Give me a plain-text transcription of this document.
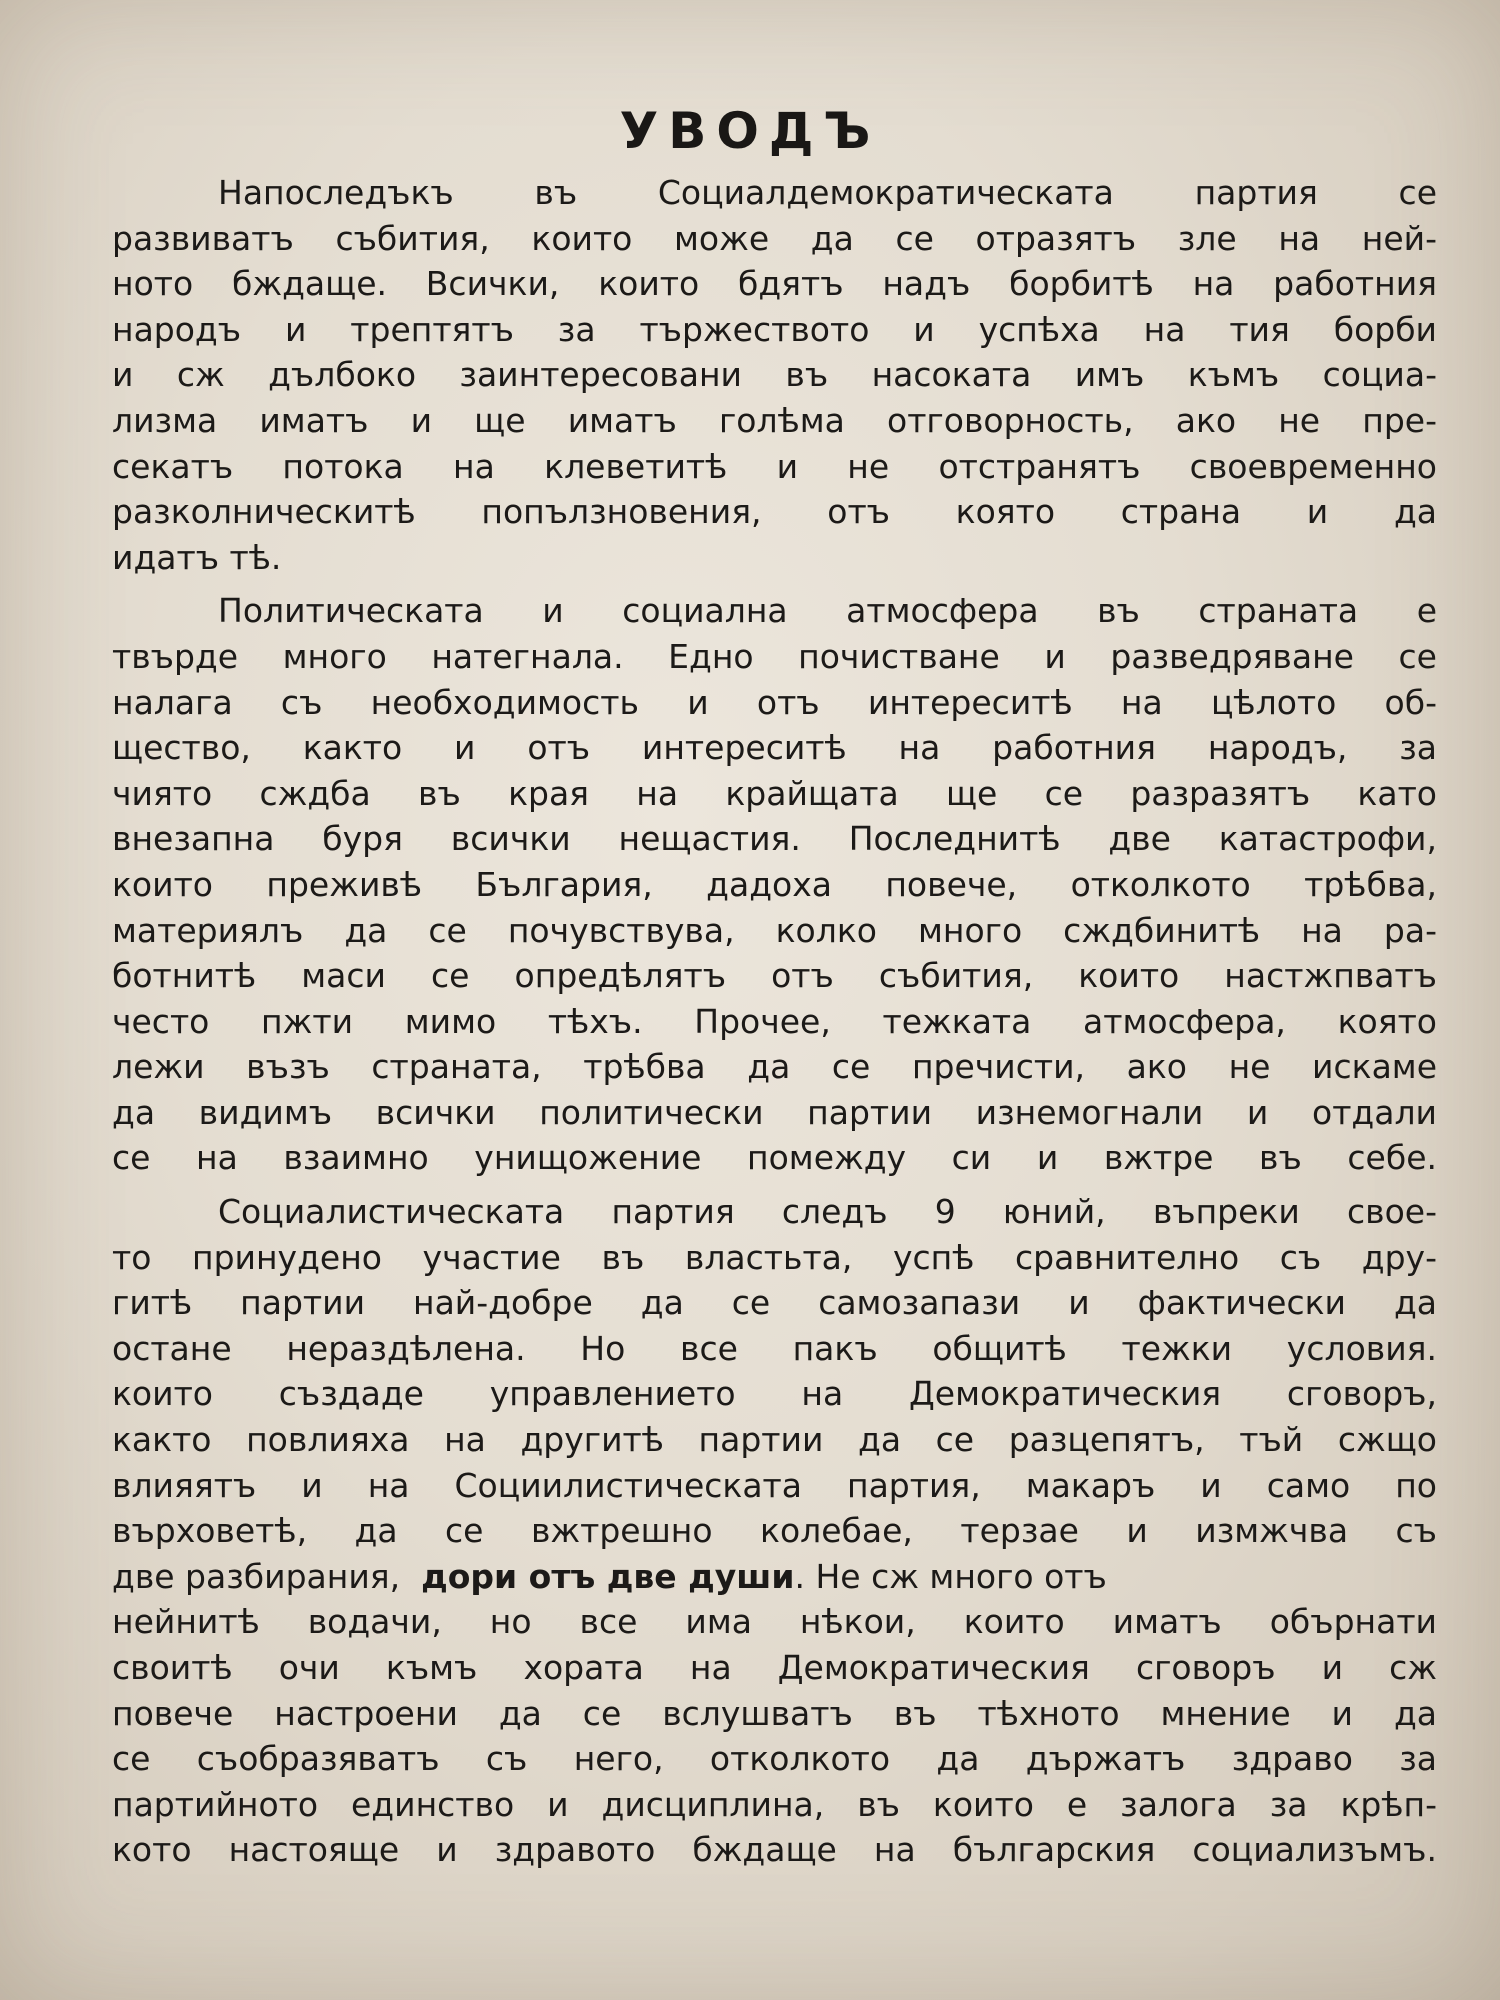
УВОДЪ
Напоследъкъ въ Социалдемократическата партия се
развиватъ събития, които може да се отразятъ зле на ней-
ното бждаще. Всички, които бдятъ надъ борбитѣ на работния
народъ и трептятъ за тържеството и успѣха на тия борби
и сж дълбоко заинтересовани въ насоката имъ къмъ социа-
лизма иматъ и ще иматъ голѣма отговорность, ако не пре-
секатъ потока на клеветитѣ и не отстранятъ своевременно
разколническитѣ попълзновения, отъ която страна и да
идатъ тѣ.
Политическата и социална атмосфера въ страната е
твърде много натегнала. Едно почистване и разведряване се
налага съ необходимость и отъ интереситѣ на цѣлото об-
щество, както и отъ интереситѣ на работния народъ, за
чиято сждба въ края на крайщата ще се разразятъ като
внезапна буря всички нещастия. Последнитѣ две катастрофи,
които преживѣ България, дадоха повече, отколкото трѣбва,
материялъ да се почувствува, колко много сждбинитѣ на ра-
ботнитѣ маси се опредѣлятъ отъ събития, които настжпватъ
често пжти мимо тѣхъ. Прочее, тежката атмосфера, която
лежи възъ страната, трѣбва да се пречисти, ако не искаме
да видимъ всички политически партии изнемогнали и отдали
се на взаимно унищожение помежду си и вжтре въ себе.
Социалистическата партия следъ 9 юний, въпреки свое-
то принудено участие въ властьта, успѣ сравнително съ дру-
гитѣ партии най-добре да се самозапази и фактически да
остане нераздѣлена. Но все пакъ общитѣ тежки условия.
които създаде управлението на Демократическия сговоръ,
както повлияха на другитѣ партии да се разцепятъ, тъй сжщо
влияятъ и на Социилистическата партия, макаръ и само по
върховетѣ, да се вжтрешно колебае, терзае и измжчва съ
две разбирания, дори отъ две души. Не сж много отъ
нейнитѣ водачи, но все има нѣкои, които иматъ обърнати
своитѣ очи къмъ хората на Демократическия сговоръ и сж
повече настроени да се вслушватъ въ тѣхното мнение и да
се съобразяватъ съ него, отколкото да държатъ здраво за
партийното единство и дисциплина, въ които е залога за крѣп-
кото настояще и здравото бждаще на българския социализъмъ.
